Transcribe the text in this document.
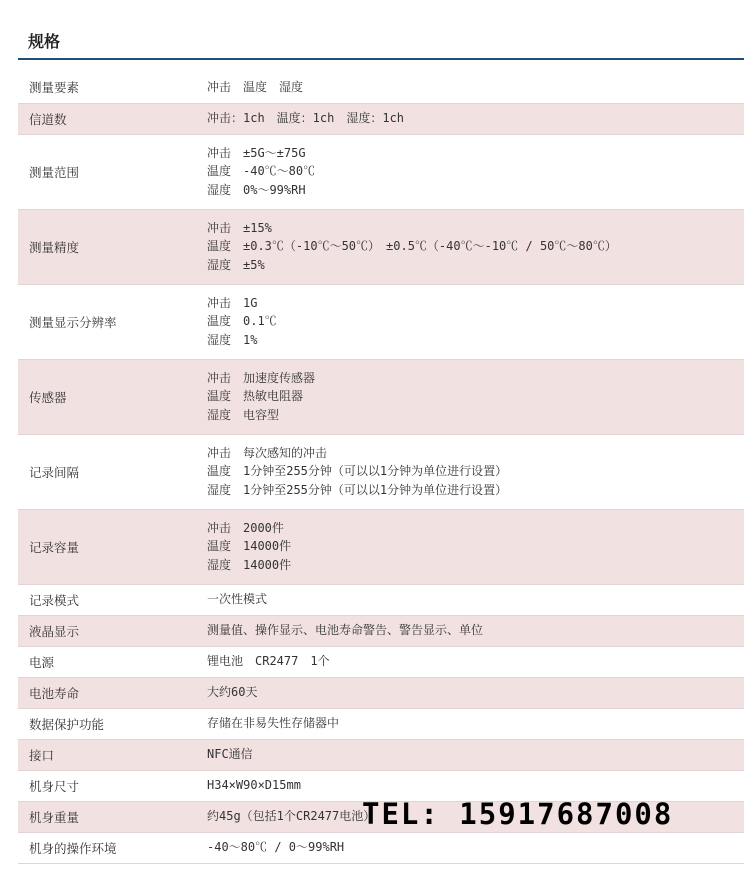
规格
测量要素	冲击　温度　湿度

信道数	冲击：1ch　温度：1ch　湿度：1ch

测量范围	冲击　±5G～±75G
温度　-40℃～80℃
湿度　0%～99%RH

测量精度	冲击　±15%
温度　±0.3℃（-10℃～50℃）　±0.5℃（-40℃～-10℃ / 50℃～80℃）
湿度　±5%

测量显示分辨率	冲击　1G
温度　0.1℃
湿度　1%

传感器	冲击　加速度传感器
温度　热敏电阻器
湿度　电容型

记录间隔	冲击　每次感知的冲击
温度　1分钟至255分钟（可以以1分钟为单位进行设置）
湿度　1分钟至255分钟（可以以1分钟为单位进行设置）

记录容量	冲击　2000件
温度　14000件
湿度　14000件

记录模式	一次性模式

液晶显示	测量值、操作显示、电池寿命警告、警告显示、单位

电源	锂电池　CR2477　1个

电池寿命	大约60天

数据保护功能	存储在非易失性存储器中

接口	NFC通信

机身尺寸	H34×W90×D15mm

机身重量	约45g（包括1个CR2477电池）

机身的操作环境	-40～80℃ / 0～99%RH
TEL: 15917687008
